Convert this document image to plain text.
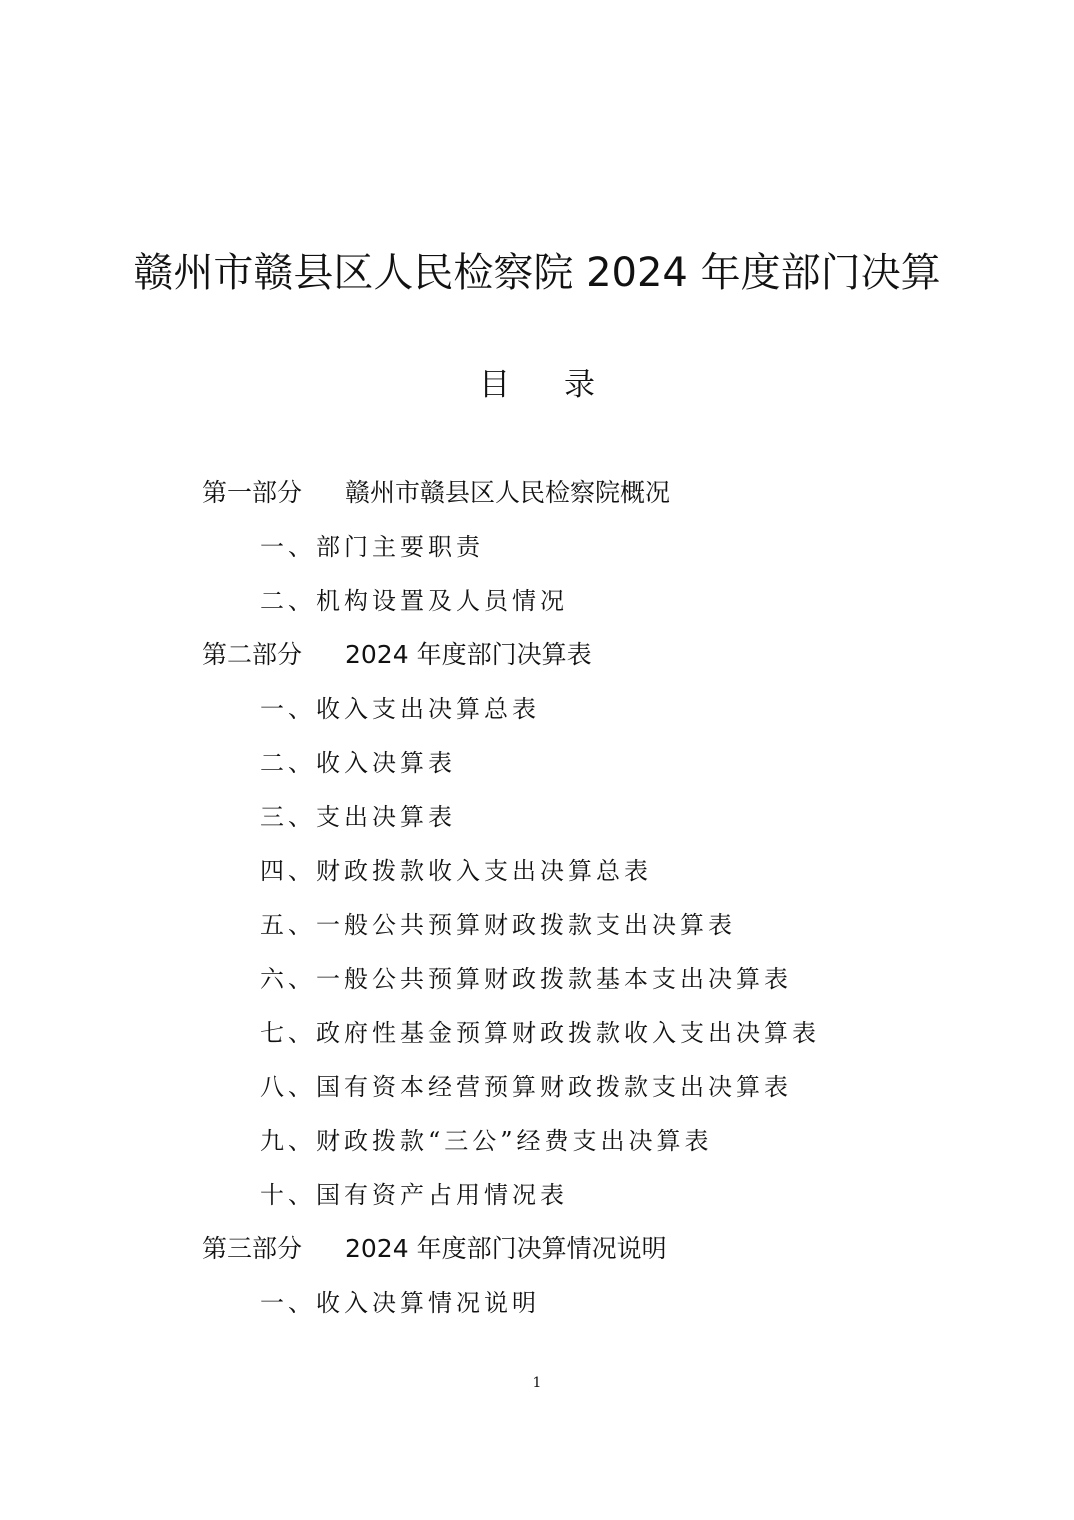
赣州市赣县区人民检察院 2024 年度部门决算
目 录
第一部分 赣州市赣县区人民检察院概况
一、部门主要职责
二、机构设置及人员情况
第二部分 2024 年度部门决算表
一、收入支出决算总表
二、收入决算表
三、支出决算表
四、财政拨款收入支出决算总表
五、一般公共预算财政拨款支出决算表
六、一般公共预算财政拨款基本支出决算表
七、政府性基金预算财政拨款收入支出决算表
八、国有资本经营预算财政拨款支出决算表
九、财政拨款“三公”经费支出决算表
十、国有资产占用情况表
第三部分 2024 年度部门决算情况说明
一、收入决算情况说明
1
